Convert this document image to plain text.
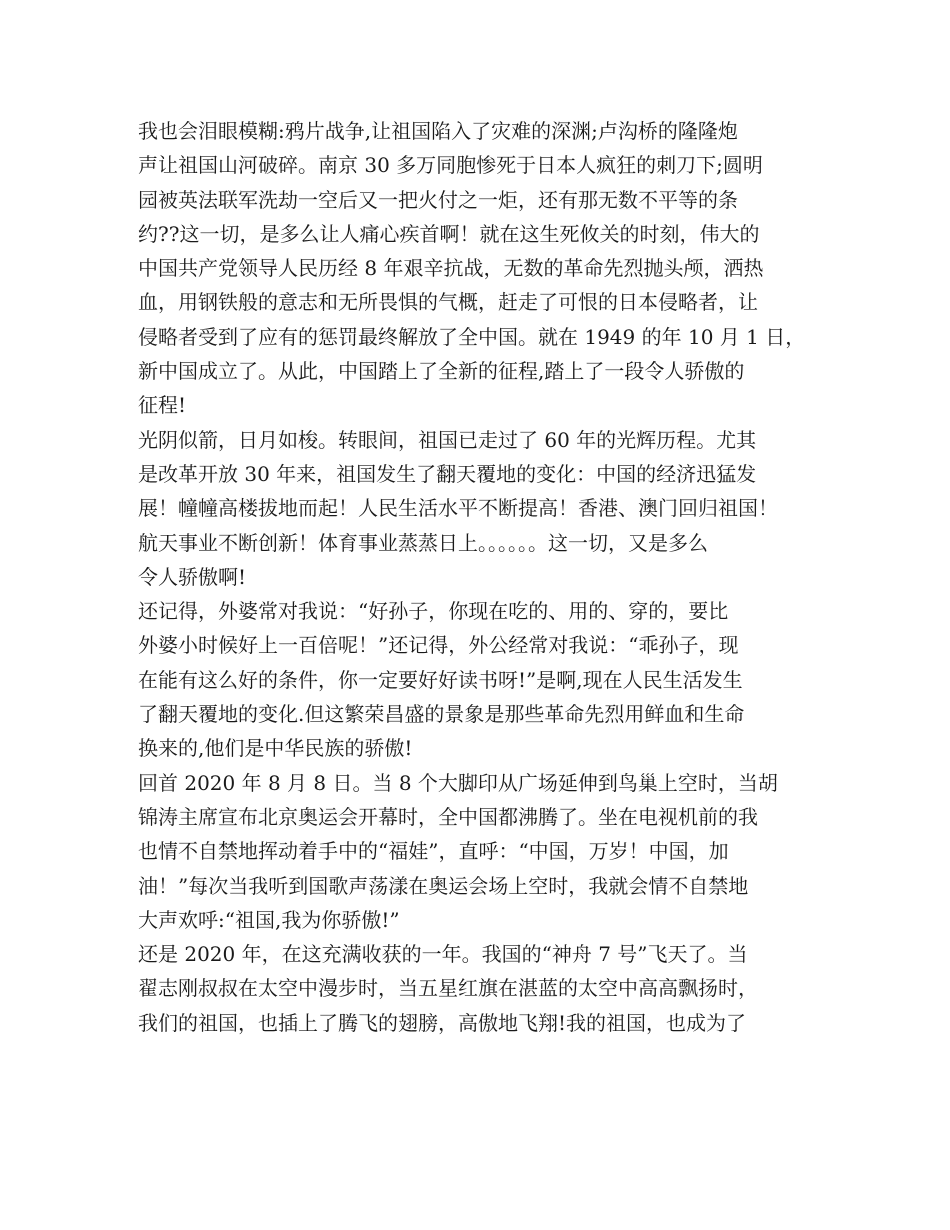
我也会泪眼模糊:鸦片战争,让祖国陷入了灾难的深渊;卢沟桥的隆隆炮
声让祖国山河破碎。南京 30 多万同胞惨死于日本人疯狂的刺刀下;圆明
园被英法联军洗劫一空后又一把火付之一炬，还有那无数不平等的条
约??这一切，是多么让人痛心疾首啊！就在这生死攸关的时刻，伟大的
中国共产党领导人民历经 8 年艰辛抗战，无数的革命先烈抛头颅，洒热
血，用钢铁般的意志和无所畏惧的气概，赶走了可恨的日本侵略者，让
侵略者受到了应有的惩罚最终解放了全中国。就在 1949 的年 10 月 1 日，
新中国成立了。从此，中国踏上了全新的征程,踏上了一段令人骄傲的
征程!
光阴似箭，日月如梭。转眼间，祖国已走过了 60 年的光辉历程。尤其
是改革开放 30 年来，祖国发生了翻天覆地的变化：中国的经济迅猛发
展！幢幢高楼拔地而起！人民生活水平不断提高！香港、澳门回归祖国！
航天事业不断创新！体育事业蒸蒸日上。。。。。。这一切，又是多么
令人骄傲啊!
还记得，外婆常对我说：“好孙子，你现在吃的、用的、穿的，要比
外婆小时候好上一百倍呢！”还记得，外公经常对我说：“乖孙子，现
在能有这么好的条件，你一定要好好读书呀!”是啊,现在人民生活发生
了翻天覆地的变化.但这繁荣昌盛的景象是那些革命先烈用鲜血和生命
换来的,他们是中华民族的骄傲!
回首 2020 年 8 月 8 日。当 8 个大脚印从广场延伸到鸟巢上空时，当胡
锦涛主席宣布北京奥运会开幕时，全中国都沸腾了。坐在电视机前的我
也情不自禁地挥动着手中的“福娃”，直呼：“中国，万岁！中国，加
油！”每次当我听到国歌声荡漾在奥运会场上空时，我就会情不自禁地
大声欢呼:“祖国,我为你骄傲!”
还是 2020 年，在这充满收获的一年。我国的“神舟 7 号”飞天了。当
翟志刚叔叔在太空中漫步时，当五星红旗在湛蓝的太空中高高飘扬时，
我们的祖国，也插上了腾飞的翅膀，高傲地飞翔!我的祖国，也成为了
